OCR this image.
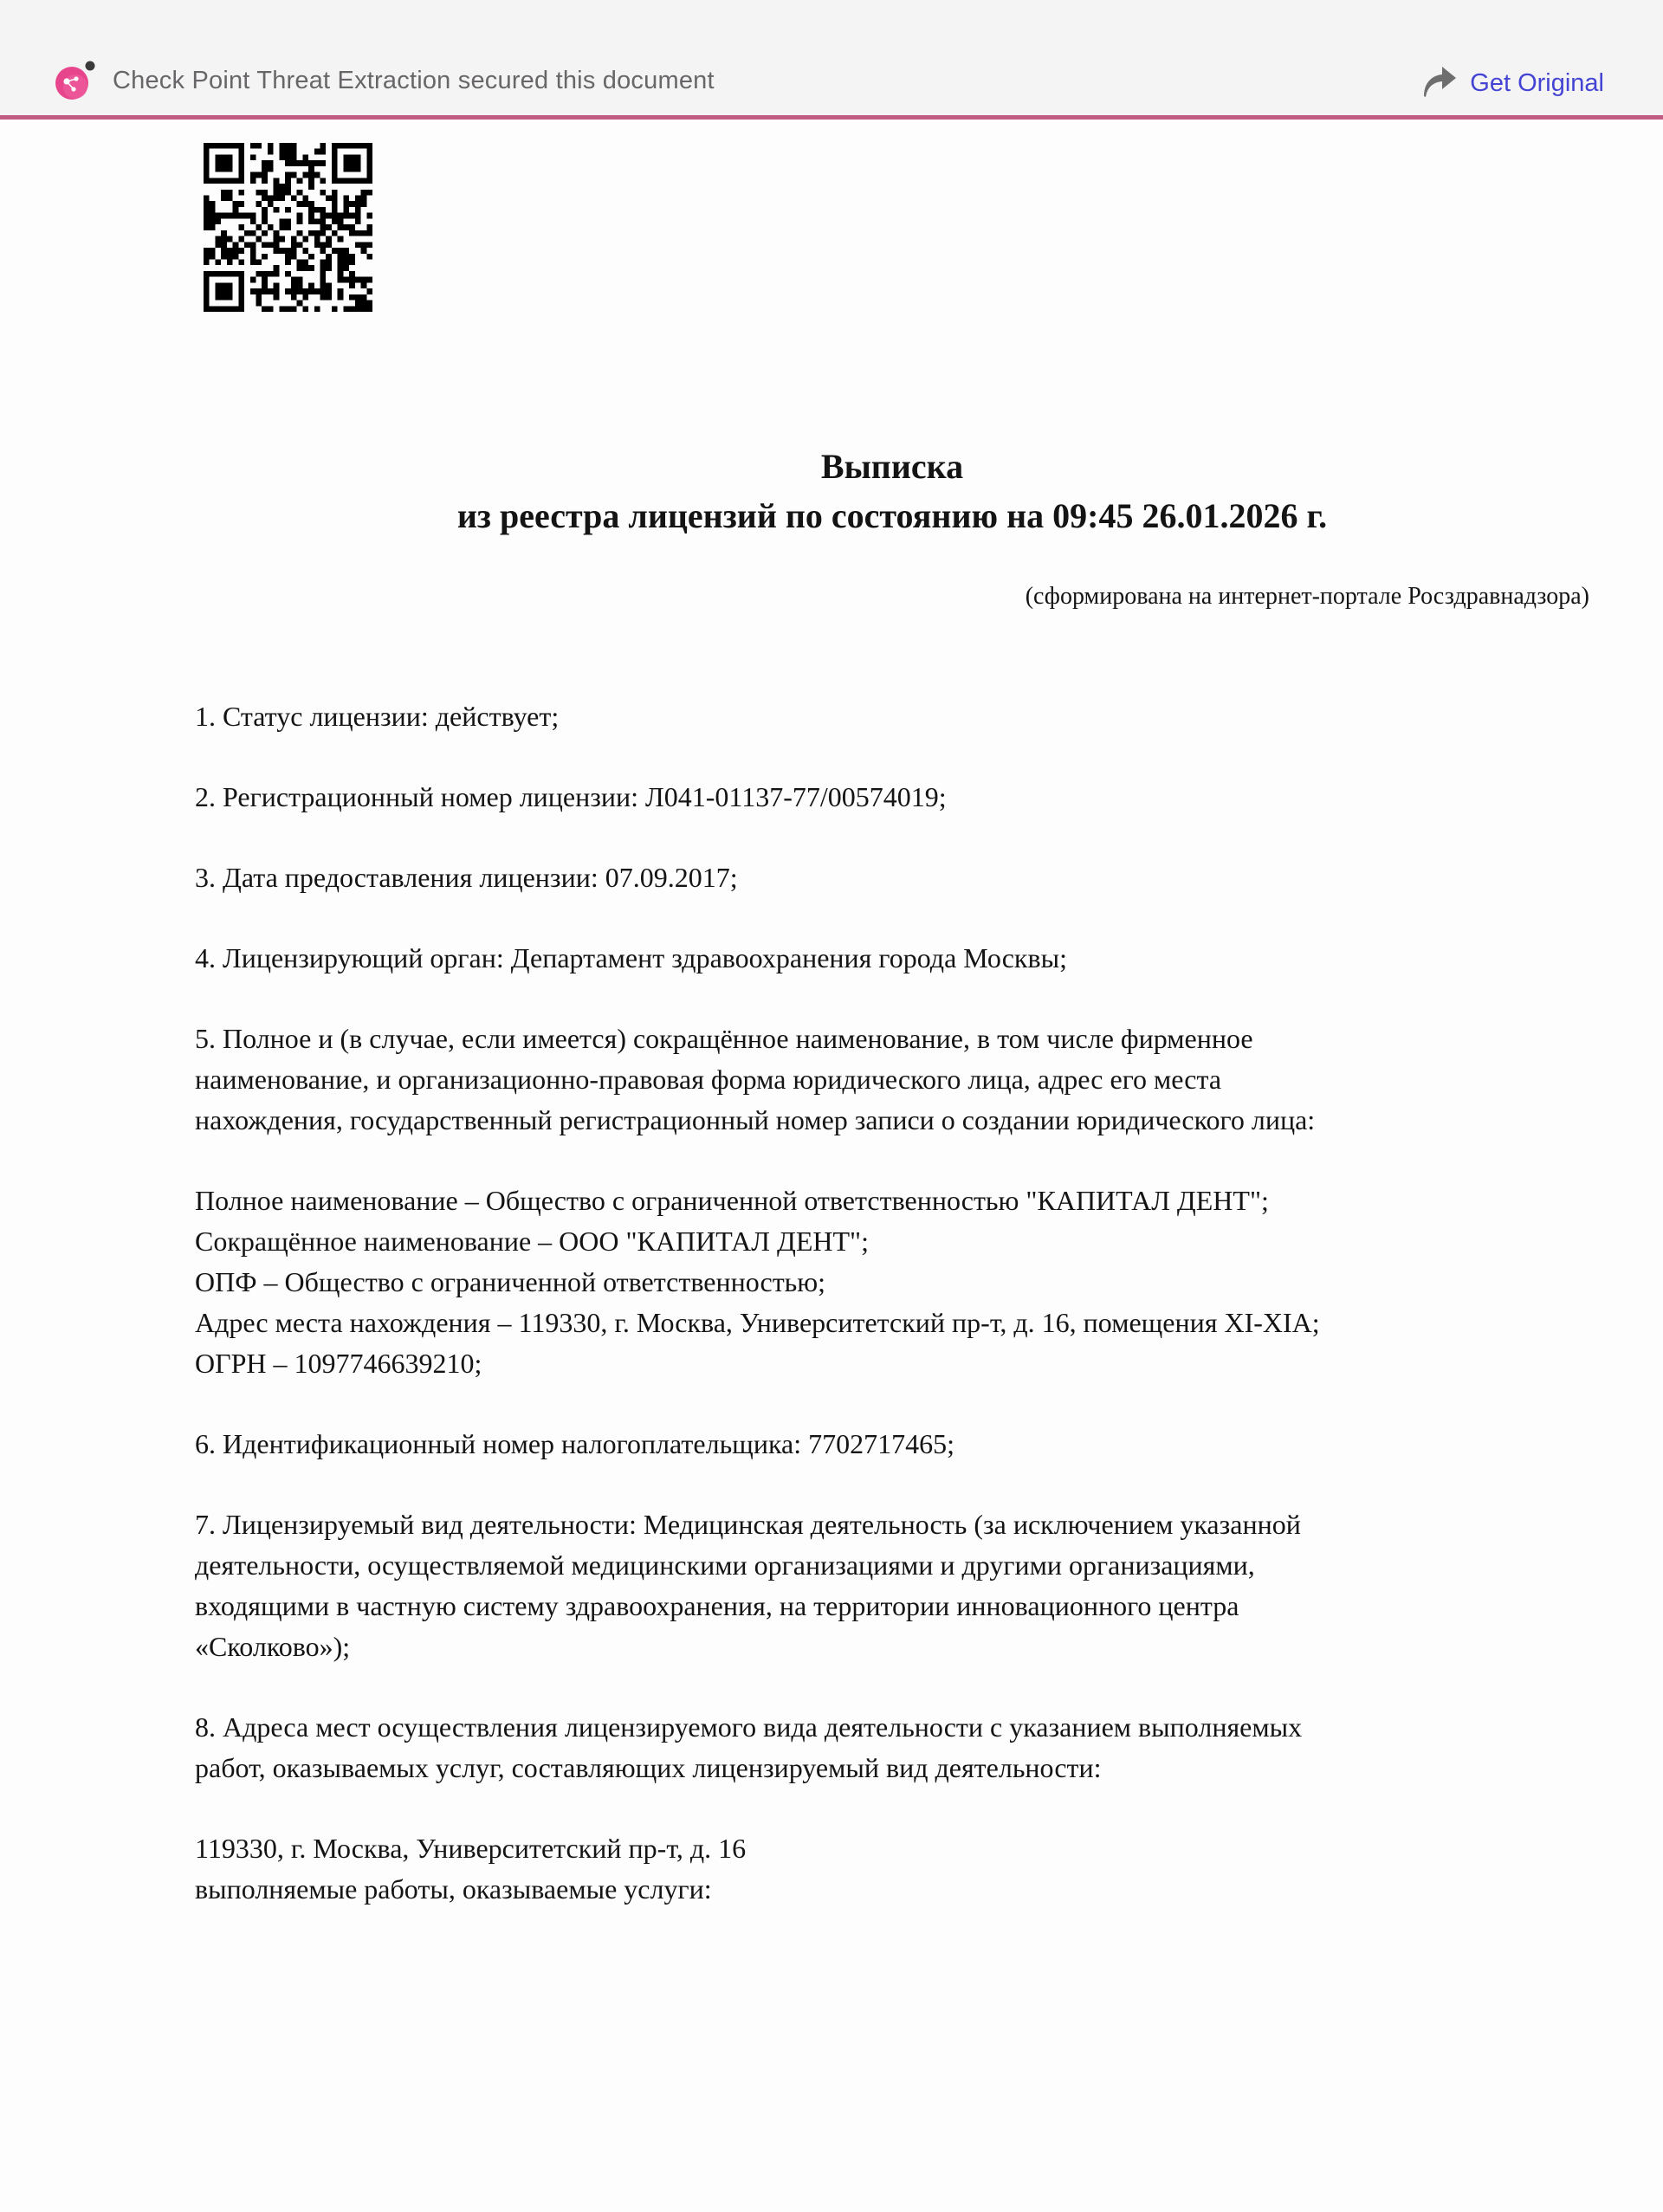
Check Point Threat Extraction secured this document	Get Original
Выписка
из реестра лицензий по состоянию на 09:45 26.01.2026 г.
(сформирована на интернет-портале Росздравнадзора)
1. Статус лицензии: действует;
2. Регистрационный номер лицензии: Л041-01137-77/00574019;
3. Дата предоставления лицензии: 07.09.2017;
4. Лицензирующий орган: Департамент здравоохранения города Москвы;
5. Полное и (в случае, если имеется) сокращённое наименование, в том числе фирменное
наименование, и организационно-правовая форма юридического лица, адрес его места
нахождения, государственный регистрационный номер записи о создании юридического лица:
Полное наименование – Общество с ограниченной ответственностью "КАПИТАЛ ДЕНТ";
Сокращённое наименование – ООО "КАПИТАЛ ДЕНТ";
ОПФ – Общество с ограниченной ответственностью;
Адрес места нахождения – 119330, г. Москва, Университетский пр-т, д. 16, помещения XI-XIA;
ОГРН – 1097746639210;
6. Идентификационный номер налогоплательщика: 7702717465;
7. Лицензируемый вид деятельности: Медицинская деятельность (за исключением указанной
деятельности, осуществляемой медицинскими организациями и другими организациями,
входящими в частную систему здравоохранения, на территории инновационного центра
«Сколково»);
8. Адреса мест осуществления лицензируемого вида деятельности с указанием выполняемых
работ, оказываемых услуг, составляющих лицензируемый вид деятельности:
119330, г. Москва, Университетский пр-т, д. 16
выполняемые работы, оказываемые услуги:
